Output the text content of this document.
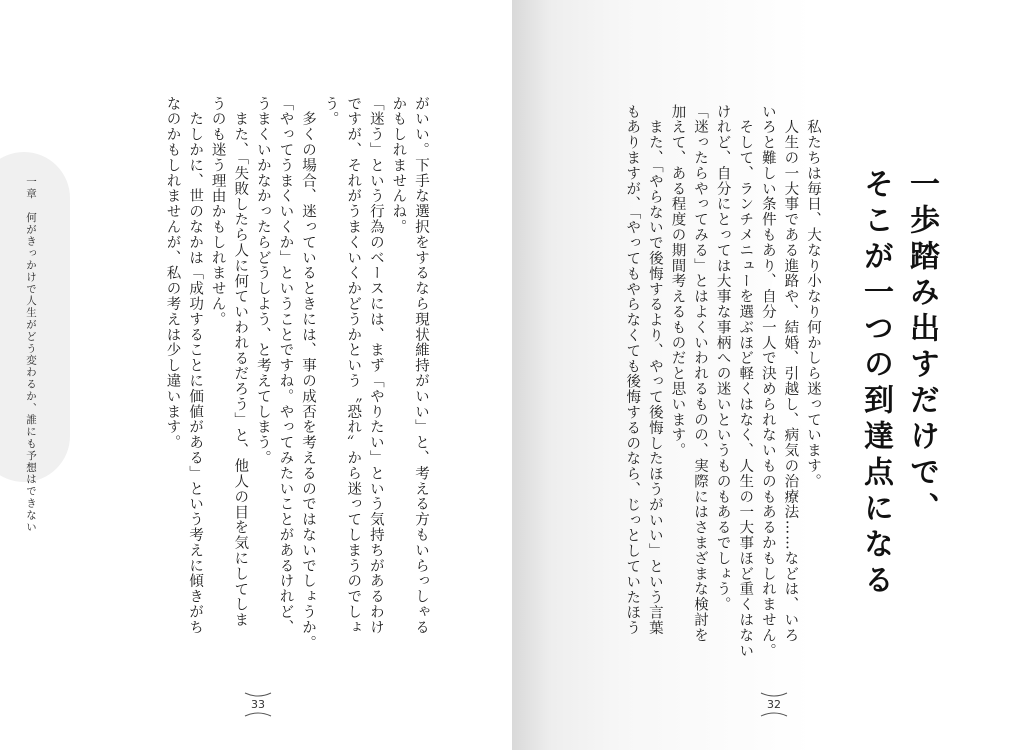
一章　何がきっかけで人生がどう変わるか、誰にも予想はできない	がいい。下手な選択をするなら現状維持がいい」と、考える方もいらっしゃる
かもしれませんね。
「迷う」という行為のベースには、まず「やりたい」という気持ちがあるわけ
ですが、それがうまくいくかどうかという〝恐れ〟から迷ってしまうのでしょ
う。
　多くの場合、迷っているときには、事の成否を考えるのではないでしょうか。
「やってうまくいくか」ということですね。やってみたいことがあるけれど、
うまくいかなかったらどうしよう、と考えてしまう。
　また、「失敗したら人に何ていわれるだろう」と、他人の目を気にしてしま
うのも迷う理由かもしれません。
　たしかに、世のなかは「成功することに価値がある」という考えに傾きがち
なのかもしれませんが、私の考えは少し違います。
33
一歩踏み出すだけで、
そこが一つの到達点になる
　私たちは毎日、大なり小なり何かしら迷っています。
　人生の一大事である進路や、結婚、引越し、病気の治療法……などは、いろ
いろと難しい条件もあり、自分一人で決められないものもあるかもしれません。
　そして、ランチメニューを選ぶほど軽くはなく、人生の一大事ほど重くはない
けれど、自分にとっては大事な事柄への迷いというものもあるでしょう。
「迷ったらやってみる」とはよくいわれるものの、実際にはさまざまな検討を
加えて、ある程度の期間考えるものだと思います。
　また、「やらないで後悔するより、やって後悔したほうがいい」という言葉
もありますが、「やってもやらなくても後悔するのなら、じっとしていたほう
32
